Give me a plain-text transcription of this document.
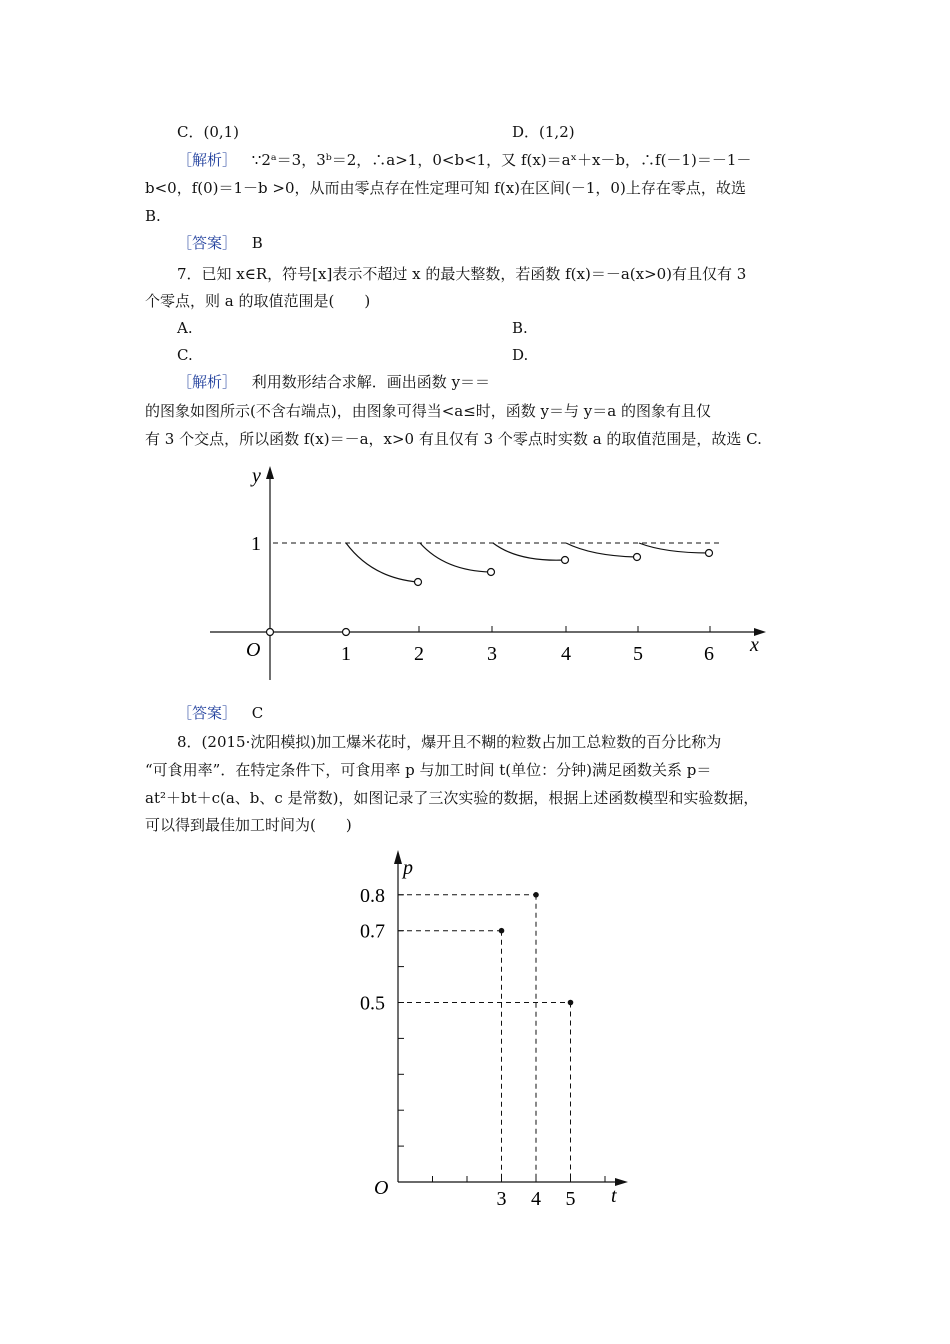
C．(0,1)	D．(1,2)
［解析］ ∵2ᵃ＝3，3ᵇ＝2，∴a>1，0<b<1，又 f(x)＝aˣ＋x－b，∴f(－1)＝－1－
b<0，f(0)＝1－b >0，从而由零点存在性定理可知 f(x)在区间(－1，0)上存在零点，故选
B.
［答案］ B
7．已知 x∈R，符号[x]表示不超过 x 的最大整数，若函数 f(x)＝－a(x>0)有且仅有 3
个零点，则 a 的取值范围是(　　)
A.	B.
C.	D.
［解析］ 利用数形结合求解．画出函数 y＝＝
的图象如图所示(不含右端点)，由图象可得当<a≤时，函数 y＝与 y＝a 的图象有且仅
有 3 个交点，所以函数 f(x)＝－a，x>0 有且仅有 3 个零点时实数 a 的取值范围是，故选 C.
y
x
O
1
1	2	3	4	5	6
［答案］ C
8．(2015·沈阳模拟)加工爆米花时，爆开且不糊的粒数占加工总粒数的百分比称为
“可食用率”．在特定条件下，可食用率 p 与加工时间 t(单位：分钟)满足函数关系 p＝
at²＋bt＋c(a、b、c 是常数)，如图记录了三次实验的数据，根据上述函数模型和实验数据，
可以得到最佳加工时间为(　　)
p
t
O	3 4 5
0.5
0.7
0.8
